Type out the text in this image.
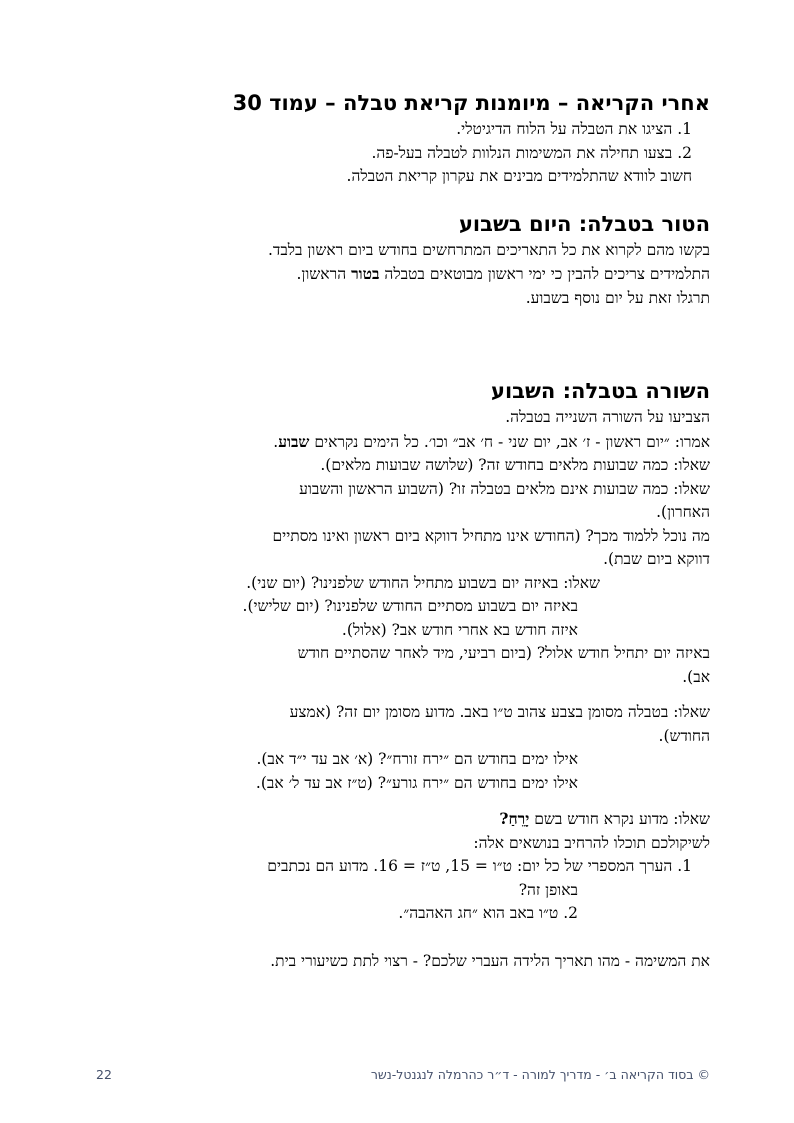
אחרי הקריאה – מיומנות קריאת טבלה – עמוד 30

1. הציגו את הטבלה על הלוח הדיגיטלי.

2. בצעו תחילה את המשימות הנלוות לטבלה בעל-פה.

חשוב לוודא שהתלמידים מבינים את עקרון קריאת הטבלה.

הטור בטבלה: היום בשבוע

בקשו מהם לקרוא את כל התאריכים המתרחשים בחודש ביום ראשון בלבד.

התלמידים צריכים להבין כי ימי ראשון מבוטאים בטבלה בטור הראשון.

תרגלו זאת על יום נוסף בשבוע.

השורה בטבלה: השבוע

הצביעו על השורה השנייה בטבלה.

אמרו: ״יום ראשון - ז׳ אב, יום שני - ח׳ אב״ וכו׳. כל הימים נקראים שבוע.

שאלו: כמה שבועות מלאים בחודש זה? (שלושה שבועות מלאים).

שאלו: כמה שבועות אינם מלאים בטבלה זו? (השבוע הראשון והשבוע

האחרון).

מה נוכל ללמוד מכך? (החודש אינו מתחיל דווקא ביום ראשון ואינו מסתיים

דווקא ביום שבת).

שאלו: באיזה יום בשבוע מתחיל החודש שלפנינו? (יום שני).

באיזה יום בשבוע מסתיים החודש שלפנינו? (יום שלישי).

איזה חודש בא אחרי חודש אב? (אלול).

באיזה יום יתחיל חודש אלול? (ביום רביעי, מיד לאחר שהסתיים חודש

אב).

שאלו: בטבלה מסומן בצבע צהוב ט״ו באב. מדוע מסומן יום זה? (אמצע

החודש).

אילו ימים בחודש הם ״ירח זורח״? (א׳ אב עד י״ד אב).

אילו ימים בחודש הם ״ירח גורע״? (ט״ז אב עד ל׳ אב).

שאלו: מדוע נקרא חודש בשם יָרֵחַ?

לשיקולכם תוכלו להרחיב בנושאים אלה:

1. הערך המספרי של כל יום: ט״ו = 15, ט״ז = 16. מדוע הם נכתבים

באופן זה?

2. ט״ו באב הוא ״חג האהבה״.

את המשימה - מהו תאריך הלידה העברי שלכם? - רצוי לתת כשיעורי בית.

© בסוד הקריאה ב׳ - מדריך למורה - ד״ר כהרמלה לנגנטל-נשר
22
